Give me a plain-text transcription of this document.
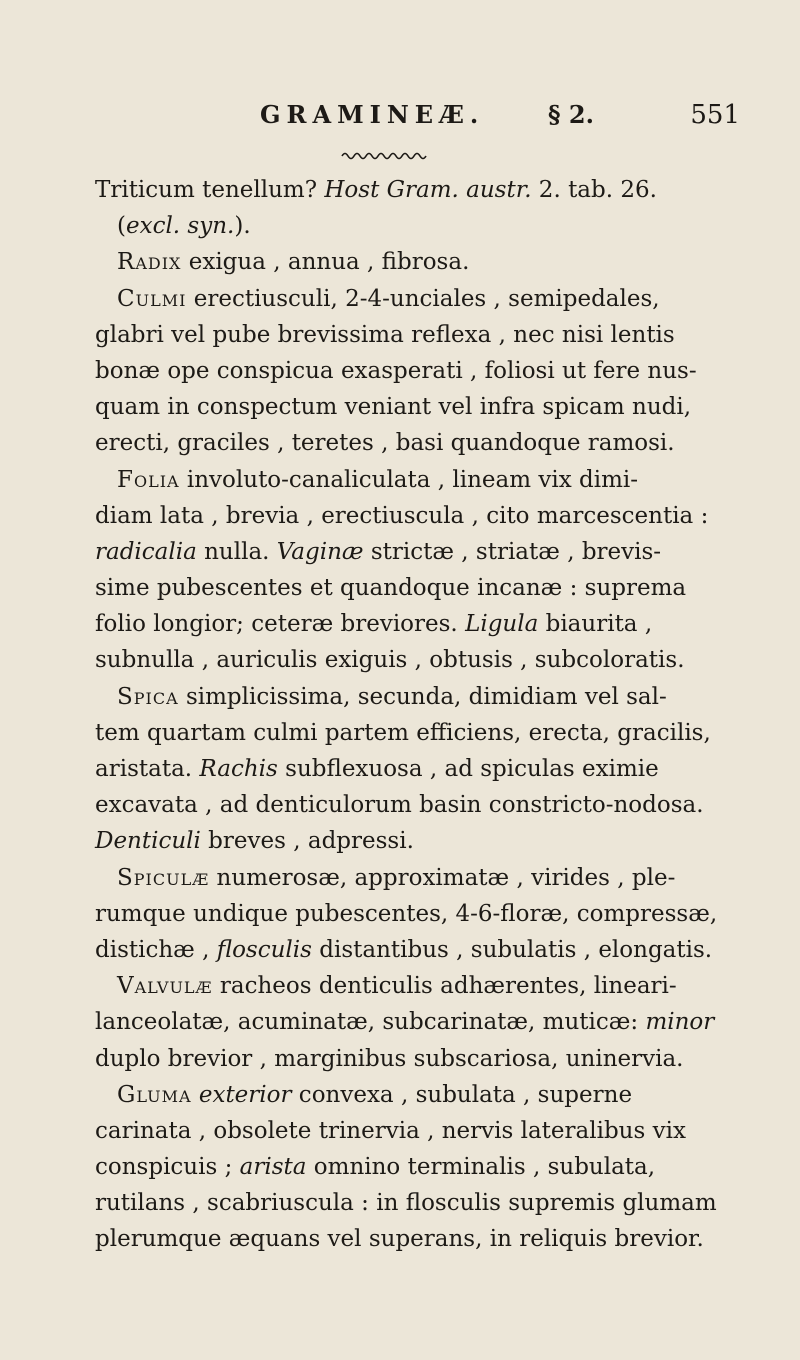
GRAMINEÆ.	§ 2.	551
Triticum tenellum? Host Gram. austr. 2. tab. 26.
(excl. syn.).
Radix exigua , annua , fibrosa.
Culmi erectiusculi, 2-4-unciales , semipedales,
glabri vel pube brevissima reflexa , nec nisi lentis
bonæ ope conspicua exasperati , foliosi ut fere nus-
quam in conspectum veniant vel infra spicam nudi,
erecti, graciles , teretes , basi quandoque ramosi.
Folia involuto-canaliculata , lineam vix dimi-
diam lata , brevia , erectiuscula , cito marcescentia :
radicalia nulla. Vaginæ strictæ , striatæ , brevis-
sime pubescentes et quandoque incanæ : suprema
folio longior; ceteræ breviores. Ligula biaurita ,
subnulla , auriculis exiguis , obtusis , subcoloratis.
Spica simplicissima, secunda, dimidiam vel sal-
tem quartam culmi partem efficiens, erecta, gracilis,
aristata. Rachis subflexuosa , ad spiculas eximie
excavata , ad denticulorum basin constricto-nodosa.
Denticuli breves , adpressi.
Spiculæ numerosæ, approximatæ , virides , ple-
rumque undique pubescentes, 4-6-floræ, compressæ,
distichæ , flosculis distantibus , subulatis , elongatis.
Valvulæ racheos denticulis adhærentes, lineari-
lanceolatæ, acuminatæ, subcarinatæ, muticæ: minor
duplo brevior , marginibus subscariosa, uninervia.
Gluma exterior convexa , subulata , superne
carinata , obsolete trinervia , nervis lateralibus vix
conspicuis ; arista omnino terminalis , subulata,
rutilans , scabriuscula : in flosculis supremis glumam
plerumque æquans vel superans, in reliquis brevior.
